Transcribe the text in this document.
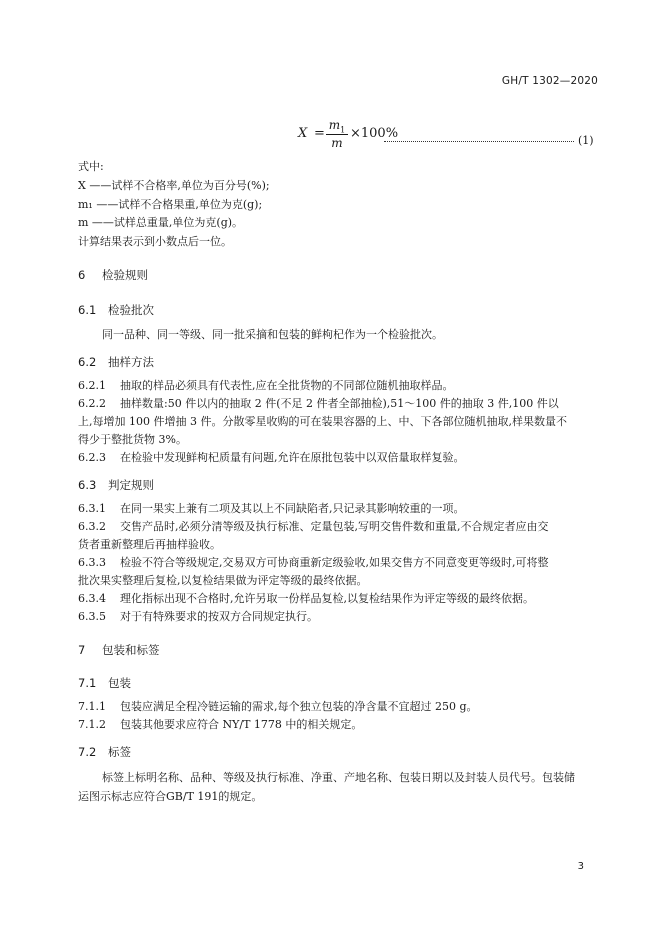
GH/T 1302—2020
X =
$m_1$
m
×100%	(1)
式中:
X ——试样不合格率,单位为百分号(%);
m₁ ——试样不合格果重,单位为克(g);
m ——试样总重量,单位为克(g)。
计算结果表示到小数点后一位。
6 检验规则
6.1 检验批次
同一品种、同一等级、同一批采摘和包装的鲜枸杞作为一个检验批次。
6.2 抽样方法
6.2.1 抽取的样品必须具有代表性,应在全批货物的不同部位随机抽取样品。
6.2.2 抽样数量:50 件以内的抽取 2 件(不足 2 件者全部抽检),51～100 件的抽取 3 件,100 件以
上,每增加 100 件增抽 3 件。分散零星收购的可在装果容器的上、中、下各部位随机抽取,样果数量不
得少于整批货物 3%。
6.2.3 在检验中发现鲜枸杞质量有问题,允许在原批包装中以双倍量取样复验。
6.3 判定规则
6.3.1 在同一果实上兼有二项及其以上不同缺陷者,只记录其影响较重的一项。
6.3.2 交售产品时,必须分清等级及执行标准、定量包装,写明交售件数和重量,不合规定者应由交
货者重新整理后再抽样验收。
6.3.3 检验不符合等级规定,交易双方可协商重新定级验收,如果交售方不同意变更等级时,可将整
批次果实整理后复检,以复检结果做为评定等级的最终依据。
6.3.4 理化指标出现不合格时,允许另取一份样品复检,以复检结果作为评定等级的最终依据。
6.3.5 对于有特殊要求的按双方合同规定执行。
7 包装和标签
7.1 包装
7.1.1 包装应满足全程冷链运输的需求,每个独立包装的净含量不宜超过 250 g。
7.1.2 包装其他要求应符合 NY/T 1778 中的相关规定。
7.2 标签
标签上标明名称、品种、等级及执行标准、净重、产地名称、包装日期以及封装人员代号。包装储
运图示标志应符合GB/T 191的规定。
3
